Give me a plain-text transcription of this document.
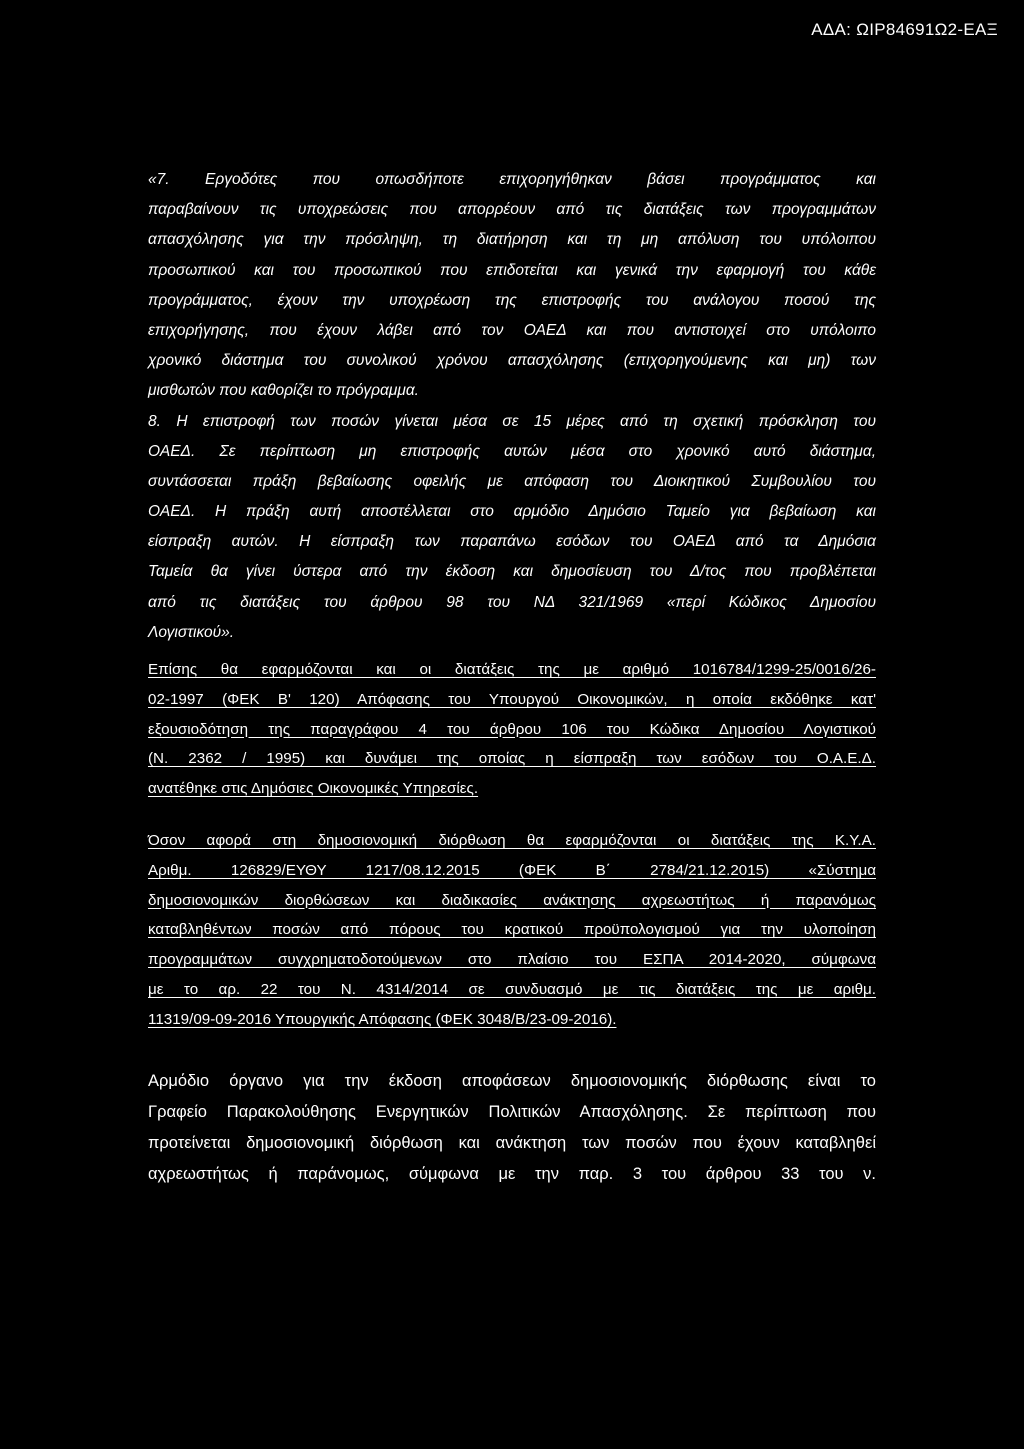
ΑΔΑ: ΩΙΡ84691Ω2-ΕΑΞ
«7. Εργοδότες που οπωσδήποτε επιχορηγήθηκαν βάσει προγράμματος και
παραβαίνουν τις υποχρεώσεις που απορρέουν από τις διατάξεις των προγραμμάτων
απασχόλησης για την πρόσληψη, τη διατήρηση και τη μη απόλυση του υπόλοιπου
προσωπικού και του προσωπικού που επιδοτείται και γενικά την εφαρμογή του κάθε
προγράμματος, έχουν την υποχρέωση της επιστροφής του ανάλογου ποσού της
επιχορήγησης, που έχουν λάβει από τον ΟΑΕΔ και που αντιστοιχεί στο υπόλοιπο
χρονικό διάστημα του συνολικού χρόνου απασχόλησης (επιχορηγούμενης και μη) των
μισθωτών που καθορίζει το πρόγραμμα.
8. Η επιστροφή των ποσών γίνεται μέσα σε 15 μέρες από τη σχετική πρόσκληση του
ΟΑΕΔ. Σε περίπτωση μη επιστροφής αυτών μέσα στο χρονικό αυτό διάστημα,
συντάσσεται πράξη βεβαίωσης οφειλής με απόφαση του Διοικητικού Συμβουλίου του
ΟΑΕΔ. Η πράξη αυτή αποστέλλεται στο αρμόδιο Δημόσιο Ταμείο για βεβαίωση και
είσπραξη αυτών. Η είσπραξη των παραπάνω εσόδων του ΟΑΕΔ από τα Δημόσια
Ταμεία θα γίνει ύστερα από την έκδοση και δημοσίευση του Δ/τος που προβλέπεται
από τις διατάξεις του άρθρου 98 του ΝΔ 321/1969 «περί Κώδικος Δημοσίου
Λογιστικού».
Επίσης θα εφαρμόζονται και οι διατάξεις της με αριθμό 1016784/1299-25/0016/26-
02-1997 (ΦΕΚ Β' 120) Απόφασης του Υπουργού Οικονομικών, η οποία εκδόθηκε κατ'
εξουσιοδότηση της παραγράφου 4 του άρθρου 106 του Κώδικα Δημοσίου Λογιστικού
(Ν. 2362 / 1995) και δυνάμει της οποίας η είσπραξη των εσόδων του Ο.Α.Ε.Δ.
ανατέθηκε στις Δημόσιες Οικονομικές Υπηρεσίες.
Όσον αφορά στη δημοσιονομική διόρθωση θα εφαρμόζονται οι διατάξεις της Κ.Υ.Α.
Αριθμ. 126829/ΕΥΘΥ 1217/08.12.2015 (ΦΕΚ Β΄ 2784/21.12.2015) «Σύστημα
δημοσιονομικών διορθώσεων και διαδικασίες ανάκτησης αχρεωστήτως ή παρανόμως
καταβληθέντων ποσών από πόρους του κρατικού προϋπολογισμού για την υλοποίηση
προγραμμάτων συγχρηματοδοτούμενων στο πλαίσιο του ΕΣΠΑ 2014-2020, σύμφωνα
με το αρ. 22 του Ν. 4314/2014 σε συνδυασμό με τις διατάξεις της με αριθμ.
11319/09-09-2016 Υπουργικής Απόφασης (ΦΕΚ 3048/Β/23-09-2016).
Αρμόδιο όργανο για την έκδοση αποφάσεων δημοσιονομικής διόρθωσης είναι το
Γραφείο Παρακολούθησης Ενεργητικών Πολιτικών Απασχόλησης. Σε περίπτωση που
προτείνεται δημοσιονομική διόρθωση και ανάκτηση των ποσών που έχουν καταβληθεί
αχρεωστήτως ή παράνομως, σύμφωνα με την παρ. 3 του άρθρου 33 του ν.
